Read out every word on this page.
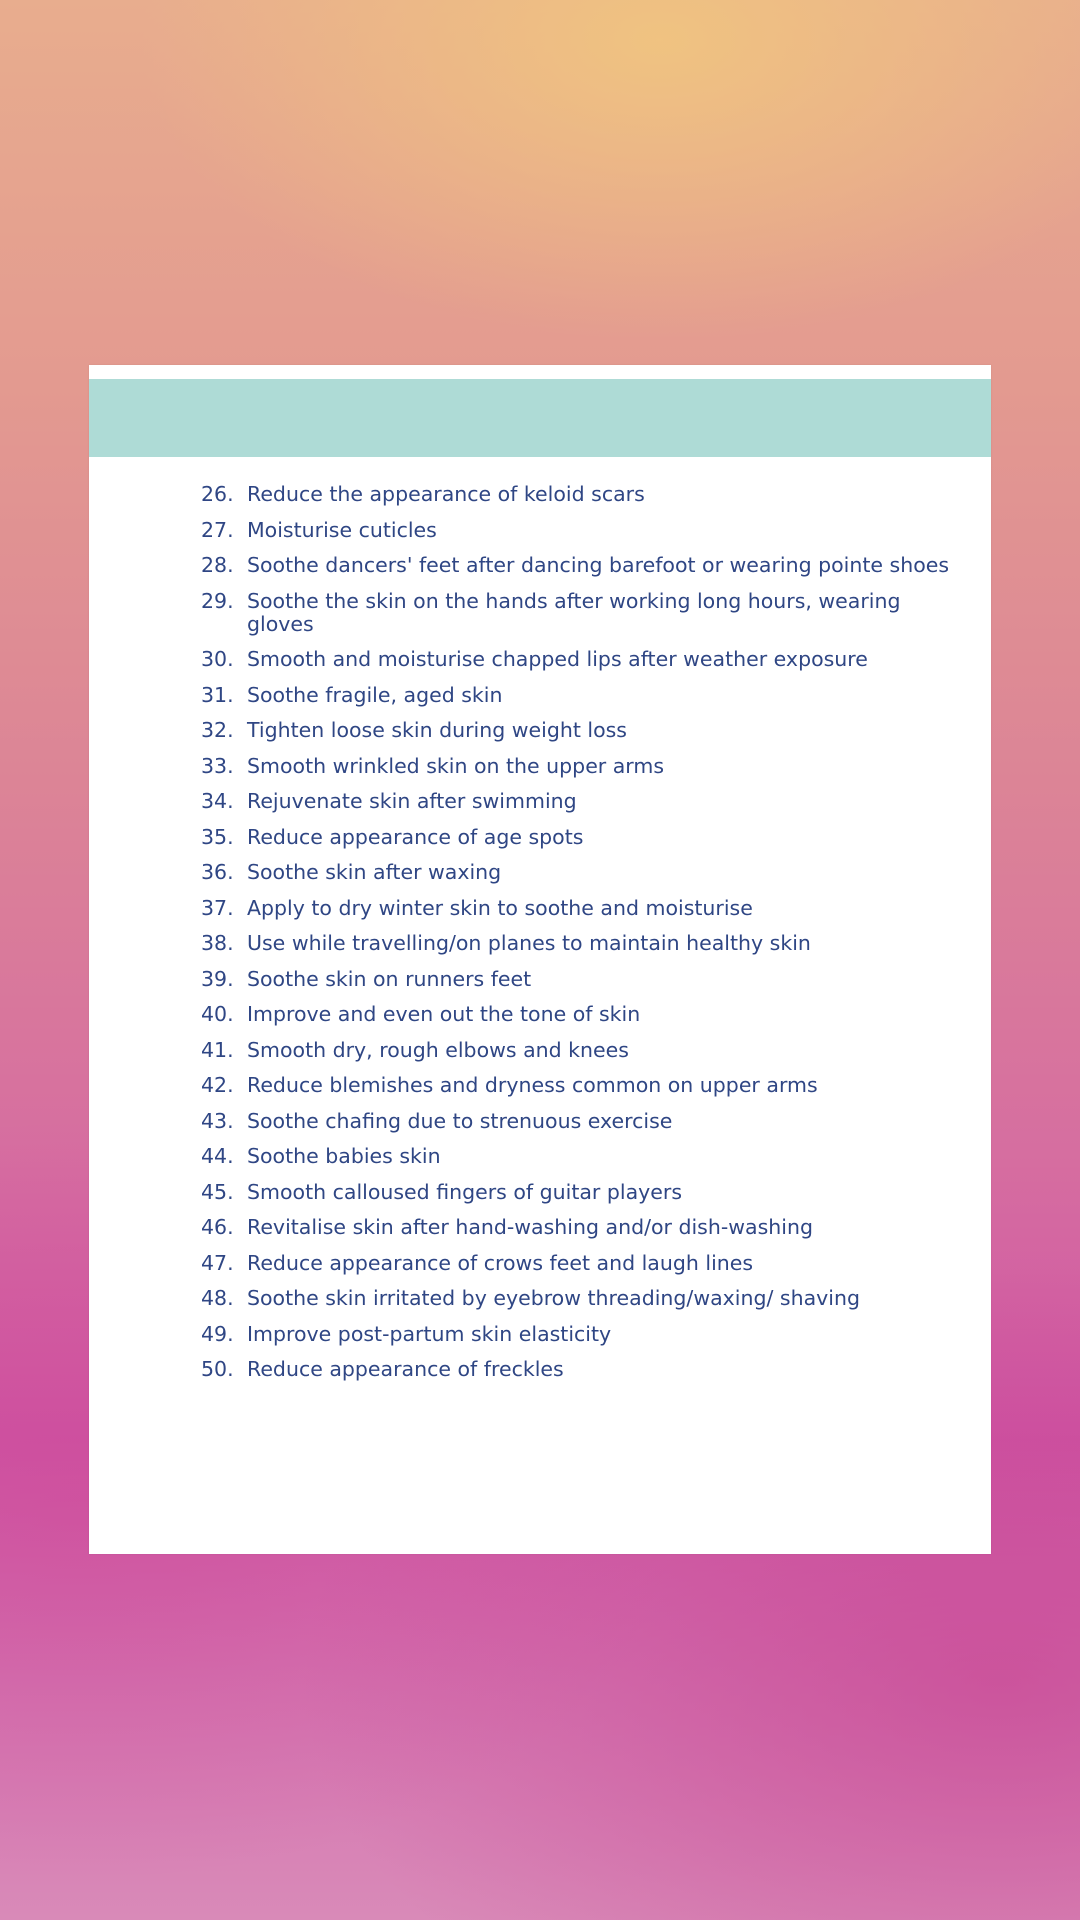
26. Reduce the appearance of keloid scars
27. Moisturise cuticles
28. Soothe dancers' feet after dancing barefoot or wearing pointe shoes
29. Soothe the skin on the hands after working long hours, wearing gloves
30. Smooth and moisturise chapped lips after weather exposure
31. Soothe fragile, aged skin
32. Tighten loose skin during weight loss
33. Smooth wrinkled skin on the upper arms
34. Rejuvenate skin after swimming
35. Reduce appearance of age spots
36. Soothe skin after waxing
37. Apply to dry winter skin to soothe and moisturise
38. Use while travelling/on planes to maintain healthy skin
39. Soothe skin on runners feet
40. Improve and even out the tone of skin
41. Smooth dry, rough elbows and knees
42. Reduce blemishes and dryness common on upper arms
43. Soothe chafing due to strenuous exercise
44. Soothe babies skin
45. Smooth calloused fingers of guitar players
46. Revitalise skin after hand-washing and/or dish-washing
47. Reduce appearance of crows feet and laugh lines
48. Soothe skin irritated by eyebrow threading/waxing/ shaving
49. Improve post-partum skin elasticity
50. Reduce appearance of freckles
